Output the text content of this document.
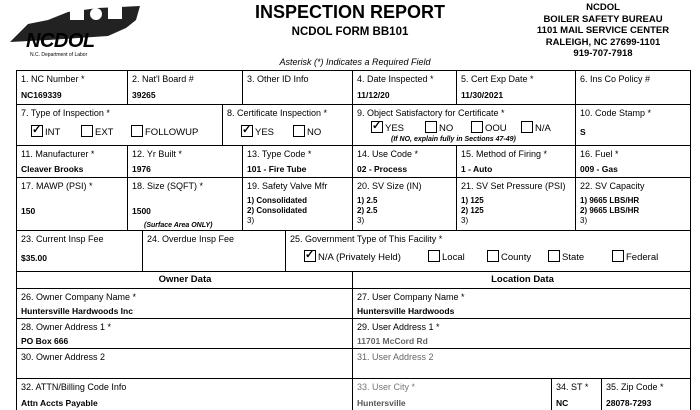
NCDOL
N.C. Department of Labor
INSPECTION REPORT
NCDOL FORM BB101
NCDOL
BOILER SAFETY BUREAU
1101 MAIL SERVICE CENTER
RALEIGH, NC 27699-1101
919-707-7918
Asterisk (*) Indicates a Required Field
1. NC Number *
NC169339
2. Nat'l Board #
39265
3. Other ID Info	4. Date Inspected *
11/12/20
5. Cert Exp Date *
11/30/2021
6. Ins Co Policy #
7. Type of Inspection *
✓INT	EXT	FOLLOWUP
8. Certificate Inspection *
✓YES	NO
9. Object Satisfactory for Certificate *
✓YES	NO	OOU	N/A
(If NO, explain fully in Sections 47-49)
10. Code Stamp *
S
11. Manufacturer *
Cleaver Brooks
12. Yr Built *
1976
13. Type Code *
101 - Fire Tube
14. Use Code *
02 - Process
15. Method of Firing *
1 - Auto
16. Fuel *
009 - Gas
17. MAWP (PSI) *
150
18. Size (SQFT) *
1500
(Surface Area ONLY)
19. Safety Valve Mfr
1) Consolidated
2) Consolidated
3)
20. SV Size (IN)
1) 2.5
2) 2.5
3)
21. SV Set Pressure (PSI)
1) 125
2) 125
3)
22. SV Capacity
1) 9665 LBS/HR
2) 9665 LBS/HR
3)
23. Current Insp Fee
$35.00
24. Overdue Insp Fee	25. Government Type of This Facility *
✓N/A (Privately Held)	Local	County	State	Federal
Owner Data	Location Data
26. Owner Company Name *
Huntersville Hardwoods Inc
27. User Company Name *
Huntersville Hardwoods
28. Owner Address 1 *
PO Box 666
29. User Address 1 *
11701 McCord Rd
30. Owner Address 2	31. User Address 2
32. ATTN/Billing Code Info
Attn Accts Payable
33. User City *
Huntersville
34. ST *
NC
35. Zip Code *
28078-7293
